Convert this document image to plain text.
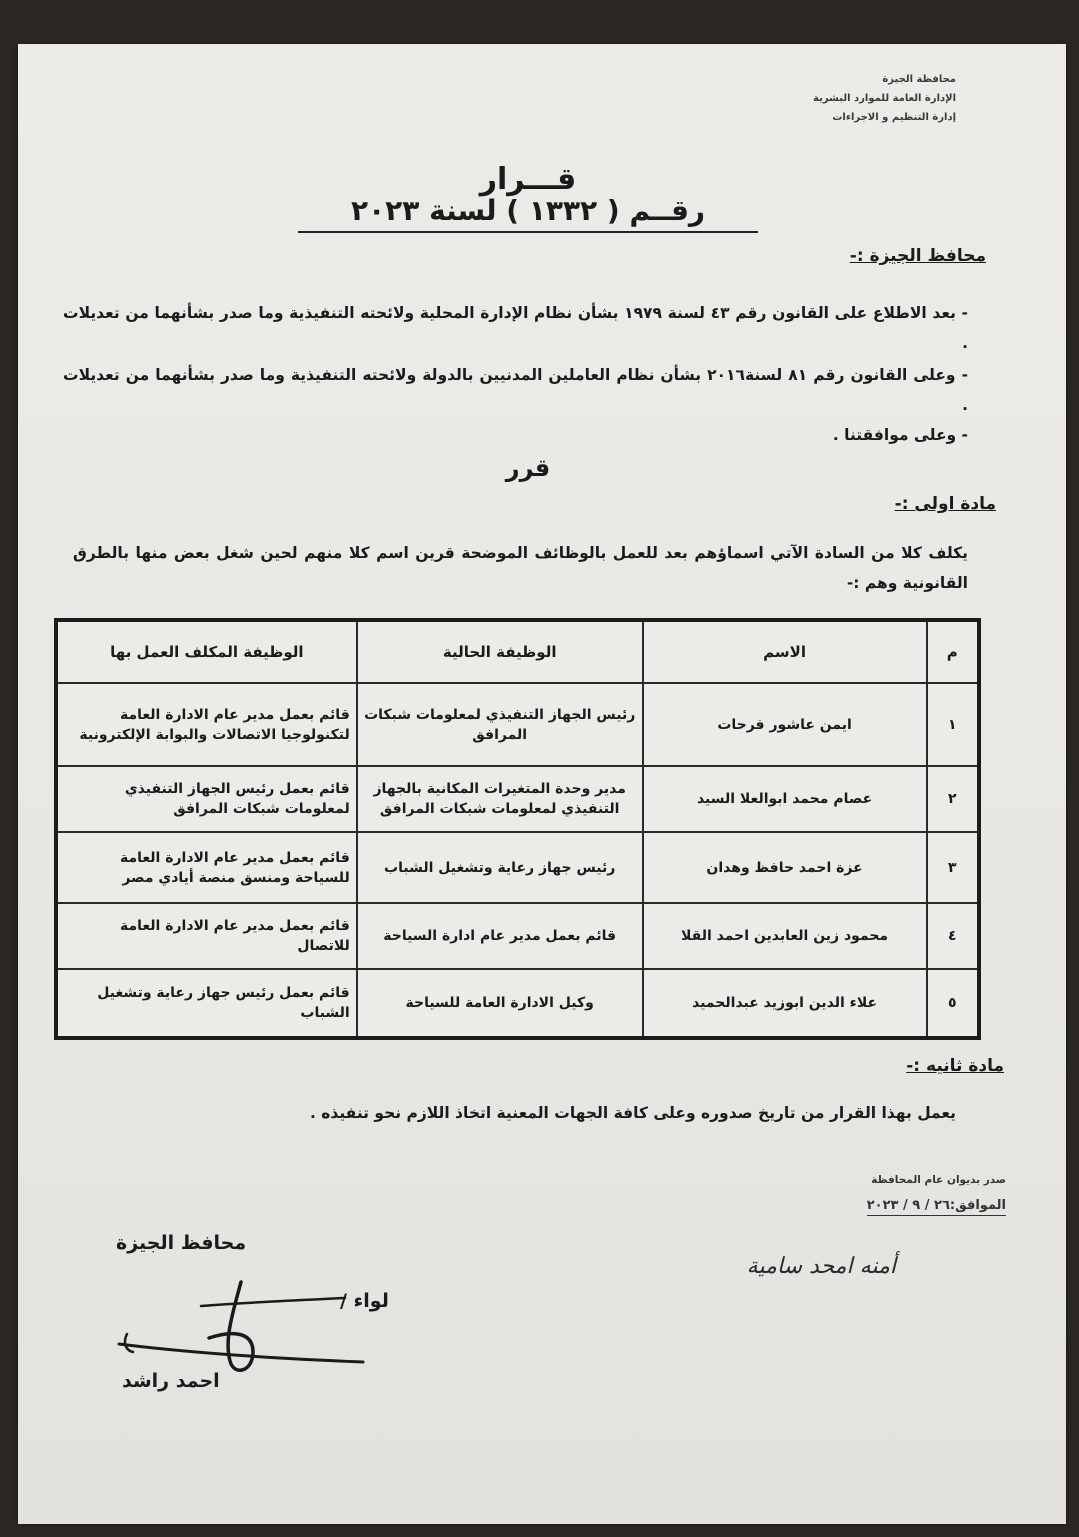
محافظة الجيزة
الإدارة العامة للموارد البشرية
إدارة التنظيم و الاجراءات
قـــرار
رقــم ( ١٣٣٢ ) لسنة ٢٠٢٣
محافظ الجيزة :-
- بعد الاطلاع على القانون رقم ٤٣ لسنة ١٩٧٩ بشأن نظام الإدارة المحلية ولائحته التنفيذية وما صدر بشأنهما من تعديلات .
- وعلى القانون رقم ٨١ لسنة٢٠١٦ بشأن نظام العاملين المدنيين بالدولة ولائحته التنفيذية وما صدر بشأنهما من تعديلات .
- وعلى موافقتنا .
قرر
مادة اولى :-
يكلف كلا من السادة الآتي اسماؤهم بعد للعمل بالوظائف الموضحة قرين اسم كلا منهم لحين شغل بعض منها بالطرق القانونية وهم :-
م	الاسم	الوظيفة الحالية	الوظيفة المكلف العمل بها
١	ايمن عاشور فرحات	رئيس الجهاز التنفيذي لمعلومات شبكات المرافق	قائم بعمل مدير عام الادارة العامة لتكنولوجيا الاتصالات والبوابة الإلكترونية
٢	عصام محمد ابوالعلا السيد	مدير وحدة المتغيرات المكانية بالجهاز التنفيذي لمعلومات شبكات المرافق	قائم بعمل رئيس الجهاز التنفيذي لمعلومات شبكات المرافق
٣	عزة احمد حافظ وهدان	رئيس جهاز رعاية وتشغيل الشباب	قائم بعمل مدير عام الادارة العامة للسياحة ومنسق منصة أيادي مصر
٤	محمود زين العابدين احمد القلا	قائم بعمل مدير عام ادارة السياحة	قائم بعمل مدير عام الادارة العامة للاتصال
٥	علاء الدين ابوزيد عبدالحميد	وكيل الادارة العامة للسياحة	قائم بعمل رئيس جهاز رعاية وتشغيل الشباب
مادة ثانيه :-
يعمل بهذا القرار من تاريخ صدوره وعلى كافة الجهات المعنية اتخاذ اللازم نحو تنفيذه .
صدر بديوان عام المحافظة
الموافق:٢٦ / ٩ / ٢٠٢٣
أمنه امحد سامية
محافظ الجيزة
لواء /
احمد راشد
